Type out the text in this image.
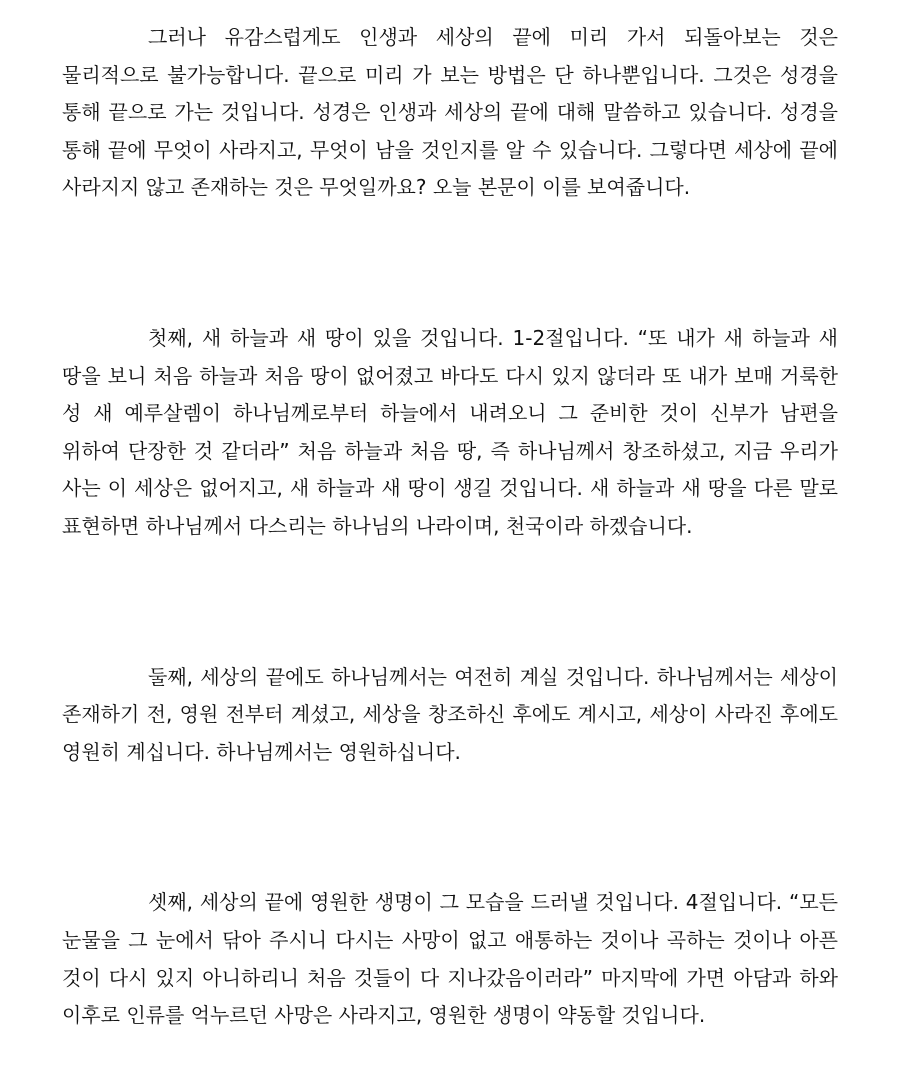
그러나 유감스럽게도 인생과 세상의 끝에 미리 가서 되돌아보는 것은 물리적으로 불가능합니다. 끝으로 미리 가 보는 방법은 단 하나뿐입니다. 그것은 성경을 통해 끝으로 가는 것입니다. 성경은 인생과 세상의 끝에 대해 말씀하고 있습니다. 성경을 통해 끝에 무엇이 사라지고, 무엇이 남을 것인지를 알 수 있습니다. 그렇다면 세상에 끝에 사라지지 않고 존재하는 것은 무엇일까요? 오늘 본문이 이를 보여줍니다.

첫째, 새 하늘과 새 땅이 있을 것입니다. 1-2절입니다. “또 내가 새 하늘과 새 땅을 보니 처음 하늘과 처음 땅이 없어졌고 바다도 다시 있지 않더라 또 내가 보매 거룩한 성 새 예루살렘이 하나님께로부터 하늘에서 내려오니 그 준비한 것이 신부가 남편을 위하여 단장한 것 같더라” 처음 하늘과 처음 땅, 즉 하나님께서 창조하셨고, 지금 우리가 사는 이 세상은 없어지고, 새 하늘과 새 땅이 생길 것입니다. 새 하늘과 새 땅을 다른 말로 표현하면 하나님께서 다스리는 하나님의 나라이며, 천국이라 하겠습니다.

둘째, 세상의 끝에도 하나님께서는 여전히 계실 것입니다. 하나님께서는 세상이 존재하기 전, 영원 전부터 계셨고, 세상을 창조하신 후에도 계시고, 세상이 사라진 후에도 영원히 계십니다. 하나님께서는 영원하십니다.

셋째, 세상의 끝에 영원한 생명이 그 모습을 드러낼 것입니다. 4절입니다. “모든 눈물을 그 눈에서 닦아 주시니 다시는 사망이 없고 애통하는 것이나 곡하는 것이나 아픈 것이 다시 있지 아니하리니 처음 것들이 다 지나갔음이러라” 마지막에 가면 아담과 하와 이후로 인류를 억누르던 사망은 사라지고, 영원한 생명이 약동할 것입니다.
